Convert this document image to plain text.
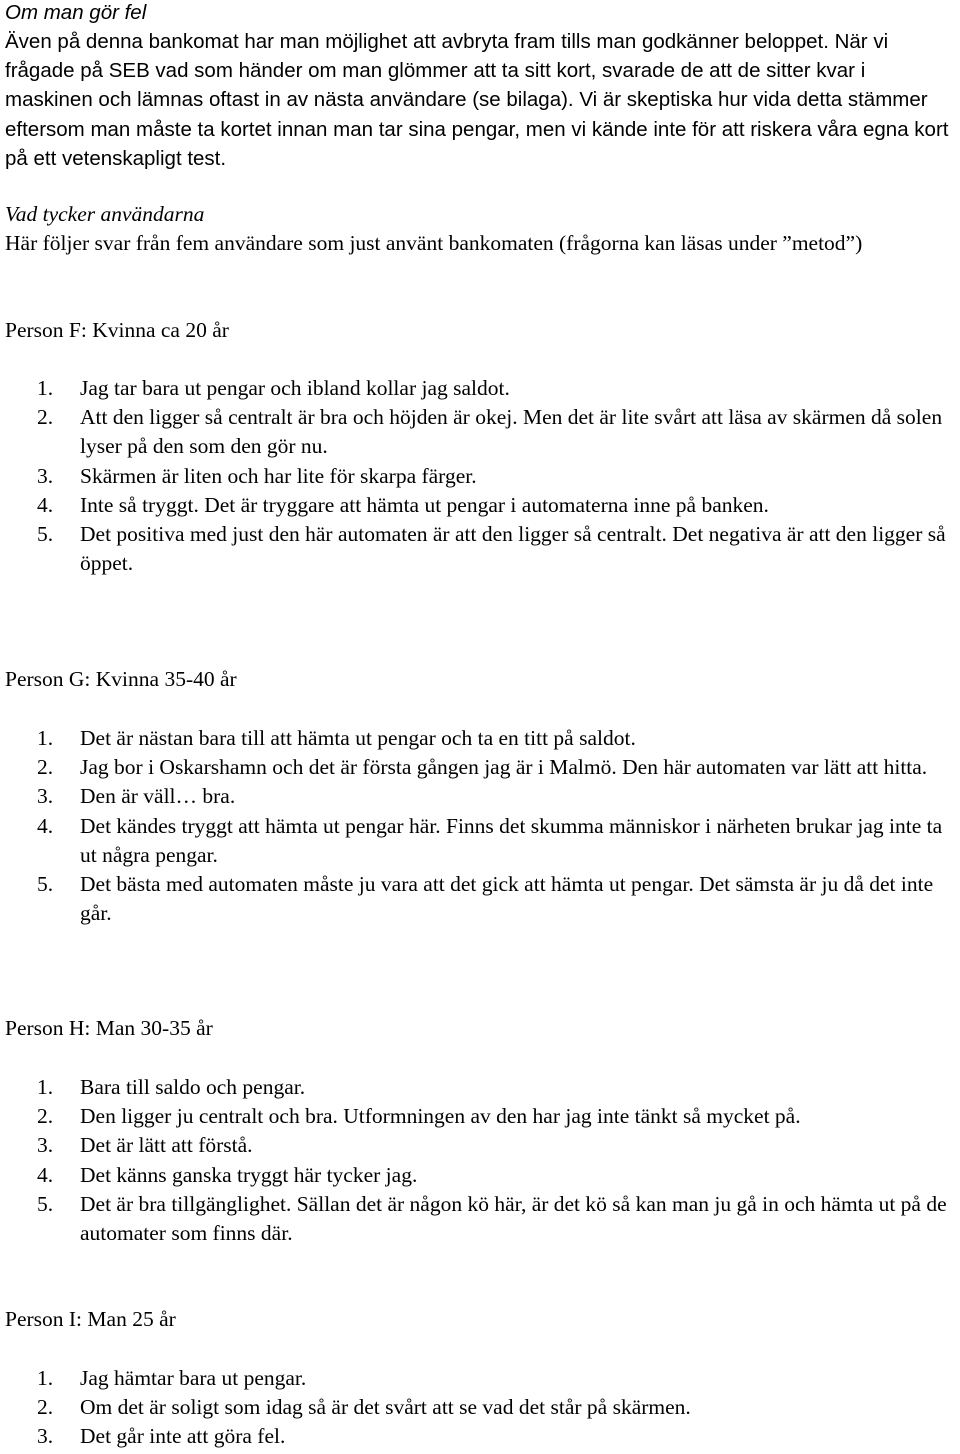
Om man gör fel
Även på denna bankomat har man möjlighet att avbryta fram tills man godkänner beloppet. När vi frågade på SEB vad som händer om man glömmer att ta sitt kort, svarade de att de sitter kvar i maskinen och lämnas oftast in av nästa användare (se bilaga). Vi är skeptiska hur vida detta stämmer eftersom man måste ta kortet innan man tar sina pengar, men vi kände inte för att riskera våra egna kort på ett vetenskapligt test.
Vad tycker användarna
Här följer svar från fem användare som just använt bankomaten (frågorna kan läsas under ”metod”)
Person F: Kvinna ca 20 år
1. Jag tar bara ut pengar och ibland kollar jag saldot.
2. Att den ligger så centralt är bra och höjden är okej. Men det är lite svårt att läsa av skärmen då solen lyser på den som den gör nu.
3. Skärmen är liten och har lite för skarpa färger.
4. Inte så tryggt. Det är tryggare att hämta ut pengar i automaterna inne på banken.
5. Det positiva med just den här automaten är att den ligger så centralt. Det negativa är att den ligger så öppet.
Person G: Kvinna 35-40 år
1. Det är nästan bara till att hämta ut pengar och ta en titt på saldot.
2. Jag bor i Oskarshamn och det är första gången jag är i Malmö. Den här automaten var lätt att hitta.
3. Den är väll… bra.
4. Det kändes tryggt att hämta ut pengar här. Finns det skumma människor i närheten brukar jag inte ta ut några pengar.
5. Det bästa med automaten måste ju vara att det gick att hämta ut pengar. Det sämsta är ju då det inte går.
Person H: Man 30-35 år
1. Bara till saldo och pengar.
2. Den ligger ju centralt och bra. Utformningen av den har jag inte tänkt så mycket på.
3. Det är lätt att förstå.
4. Det känns ganska tryggt här tycker jag.
5. Det är bra tillgänglighet. Sällan det är någon kö här, är det kö så kan man ju gå in och hämta ut på de automater som finns där.
Person I: Man 25 år
1. Jag hämtar bara ut pengar.
2. Om det är soligt som idag så är det svårt att se vad det står på skärmen.
3. Det går inte att göra fel.
